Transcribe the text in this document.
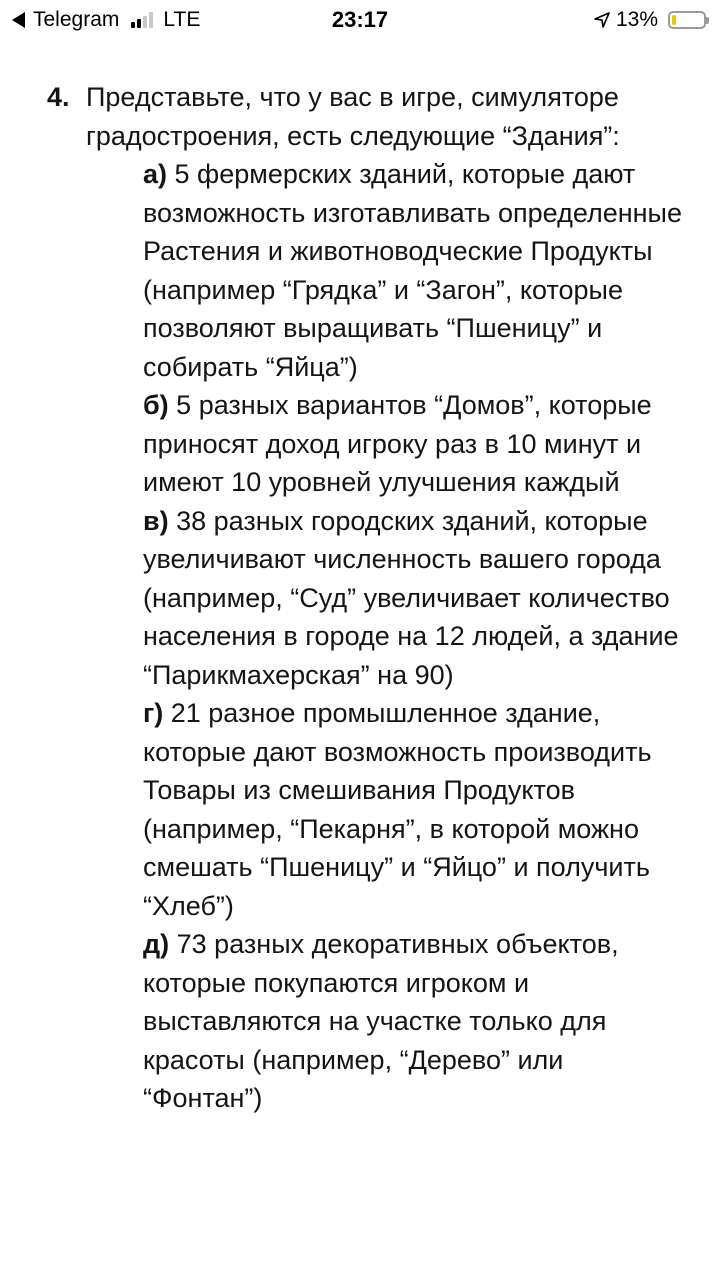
Telegram LTE	23:17	13%
4. Представьте, что у вас в игре, симуляторе градостроения, есть следующие “Здания”:

а) 5 фермерских зданий, которые дают возможность изготавливать определенные Растения и животноводческие Продукты (например “Грядка” и “Загон”, которые позволяют выращивать “Пшеницу” и собирать “Яйца”)

б) 5 разных вариантов “Домов”, которые приносят доход игроку раз в 10 минут и имеют 10 уровней улучшения каждый

в) 38 разных городских зданий, которые увеличивают численность вашего города (например, “Суд” увеличивает количество населения в городе на 12 людей, а здание “Парикмахерская” на 90)

г) 21 разное промышленное здание, которые дают возможность производить Товары из смешивания Продуктов (например, “Пекарня”, в которой можно смешать “Пшеницу” и “Яйцо” и получить “Хлеб”)

д) 73 разных декоративных объектов, которые покупаются игроком и выставляются на участке только для красоты (например, “Дерево” или “Фонтан”)
